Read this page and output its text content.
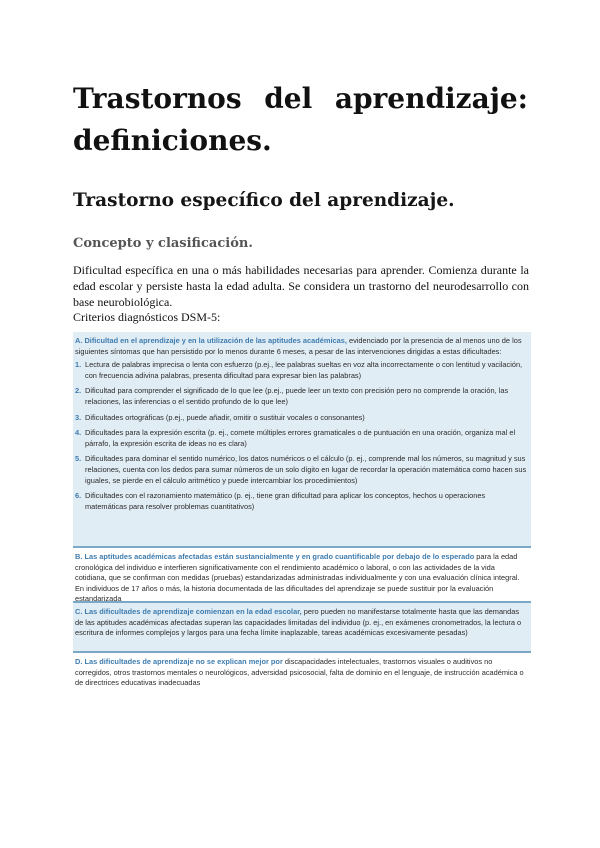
Trastornos del aprendizaje: definiciones.
Trastorno específico del aprendizaje.
Concepto y clasificación.

Dificultad específica en una o más habilidades necesarias para aprender. Comienza durante la edad escolar y persiste hasta la edad adulta. Se considera un trastorno del neurodesarrollo con base neurobiológica.

Criterios diagnósticos DSM-5:

A. Dificultad en el aprendizaje y en la utilización de las aptitudes académicas, evidenciado por la presencia de al menos uno de los siguientes síntomas que han persistido por lo menos durante 6 meses, a pesar de las intervenciones dirigidas a estas dificultades:
1. Lectura de palabras imprecisa o lenta con esfuerzo (p.ej., lee palabras sueltas en voz alta incorrectamente o con lentitud y vacilación, con frecuencia adivina palabras, presenta dificultad para expresar bien las palabras)
2. Dificultad para comprender el significado de lo que lee (p.ej., puede leer un texto con precisión pero no comprende la oración, las relaciones, las inferencias o el sentido profundo de lo que lee)
3. Dificultades ortográficas (p.ej., puede añadir, omitir o sustituir vocales o consonantes)
4. Dificultades para la expresión escrita (p. ej., comete múltiples errores gramaticales o de puntuación en una oración, organiza mal el párrafo, la expresión escrita de ideas no es clara)
5. Dificultades para dominar el sentido numérico, los datos numéricos o el cálculo (p. ej., comprende mal los números, su magnitud y sus relaciones, cuenta con los dedos para sumar números de un solo dígito en lugar de recordar la operación matemática como hacen sus iguales, se pierde en el cálculo aritmético y puede intercambiar los procedimientos)
6. Dificultades con el razonamiento matemático (p. ej., tiene gran dificultad para aplicar los conceptos, hechos u operaciones matemáticas para resolver problemas cuantitativos)
B. Las aptitudes académicas afectadas están sustancialmente y en grado cuantificable por debajo de lo esperado para la edad cronológica del individuo e interfieren significativamente con el rendimiento académico o laboral, o con las actividades de la vida cotidiana, que se confirman con medidas (pruebas) estandarizadas administradas individualmente y con una evaluación clínica integral. En individuos de 17 años o más, la historia documentada de las dificultades del aprendizaje se puede sustituir por la evaluación estandarizada
C. Las dificultades de aprendizaje comienzan en la edad escolar, pero pueden no manifestarse totalmente hasta que las demandas de las aptitudes académicas afectadas superan las capacidades limitadas del individuo (p. ej., en exámenes cronometrados, la lectura o escritura de informes complejos y largos para una fecha límite inaplazable, tareas académicas excesivamente pesadas)
D. Las dificultades de aprendizaje no se explican mejor por discapacidades intelectuales, trastornos visuales o auditivos no corregidos, otros trastornos mentales o neurológicos, adversidad psicosocial, falta de dominio en el lenguaje, de instrucción académica o de directrices educativas inadecuadas
